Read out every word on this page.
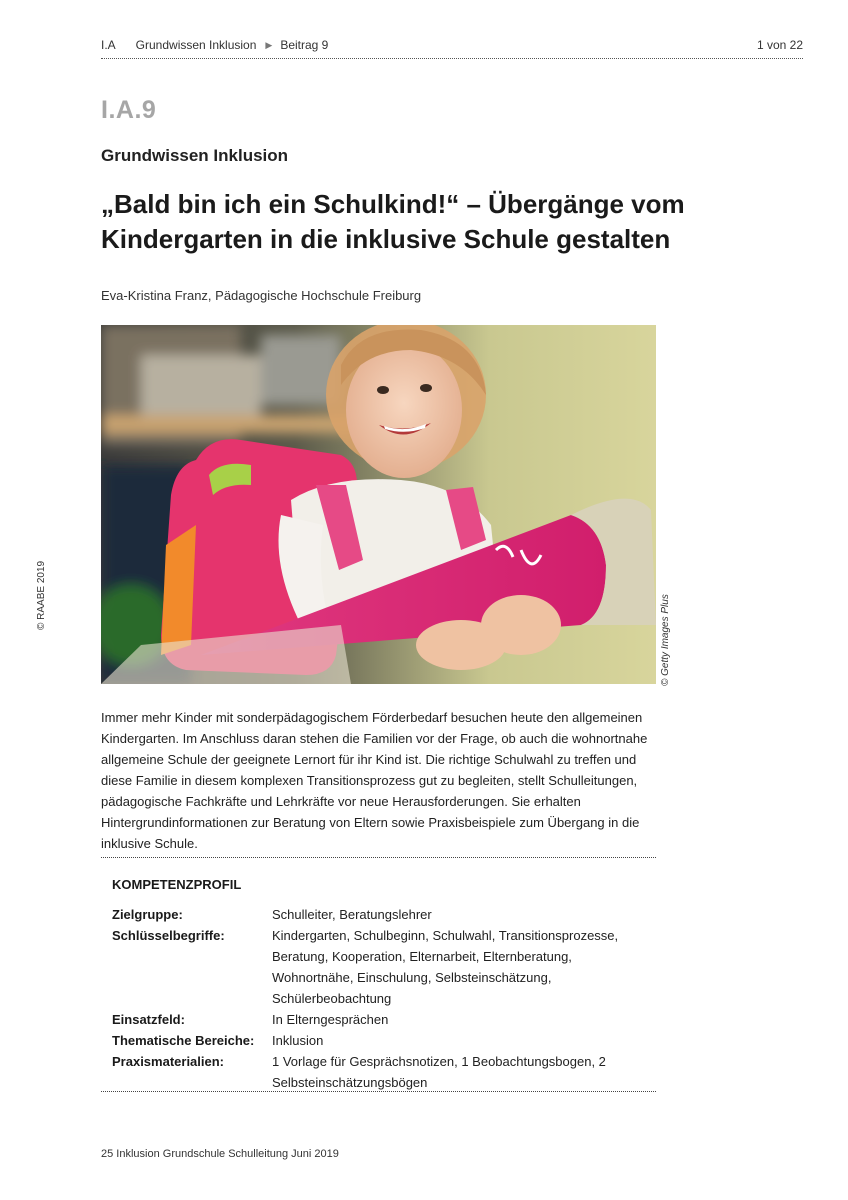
I.A Grundwissen Inklusion ▶ Beitrag 9	1 von 22
I.A.9
Grundwissen Inklusion
„Bald bin ich ein Schulkind!“ – Übergänge vom Kindergarten in die inklusive Schule gestalten
Eva-Kristina Franz, Pädagogische Hochschule Freiburg
© Getty Images Plus
© RAABE 2019
Immer mehr Kinder mit sonderpädagogischem Förderbedarf besuchen heute den allgemeinen Kindergarten. Im Anschluss daran stehen die Familien vor der Frage, ob auch die wohnortnahe allgemeine Schule der geeignete Lernort für ihr Kind ist. Die richtige Schulwahl zu treffen und diese Familie in diesem komplexen Transitionsprozess gut zu begleiten, stellt Schulleitungen, pädagogische Fachkräfte und Lehrkräfte vor neue Herausforderungen. Sie erhalten Hintergrundinformationen zur Beratung von Eltern sowie Praxisbeispiele zum Übergang in die inklusive Schule.
KOMPETENZPROFIL
Zielgruppe:	Schulleiter, Beratungslehrer
Schlüsselbegriffe:	Kindergarten, Schulbeginn, Schulwahl, Transitionsprozesse, Beratung, Kooperation, Elternarbeit, Elternberatung, Wohnortnähe, Einschulung, Selbsteinschätzung, Schülerbeobachtung
Einsatzfeld:	In Elterngesprächen
Thematische Bereiche:	Inklusion
Praxismaterialien:	1 Vorlage für Gesprächsnotizen, 1 Beobachtungsbogen, 2 Selbsteinschätzungsbögen
25 Inklusion Grundschule Schulleitung Juni 2019
